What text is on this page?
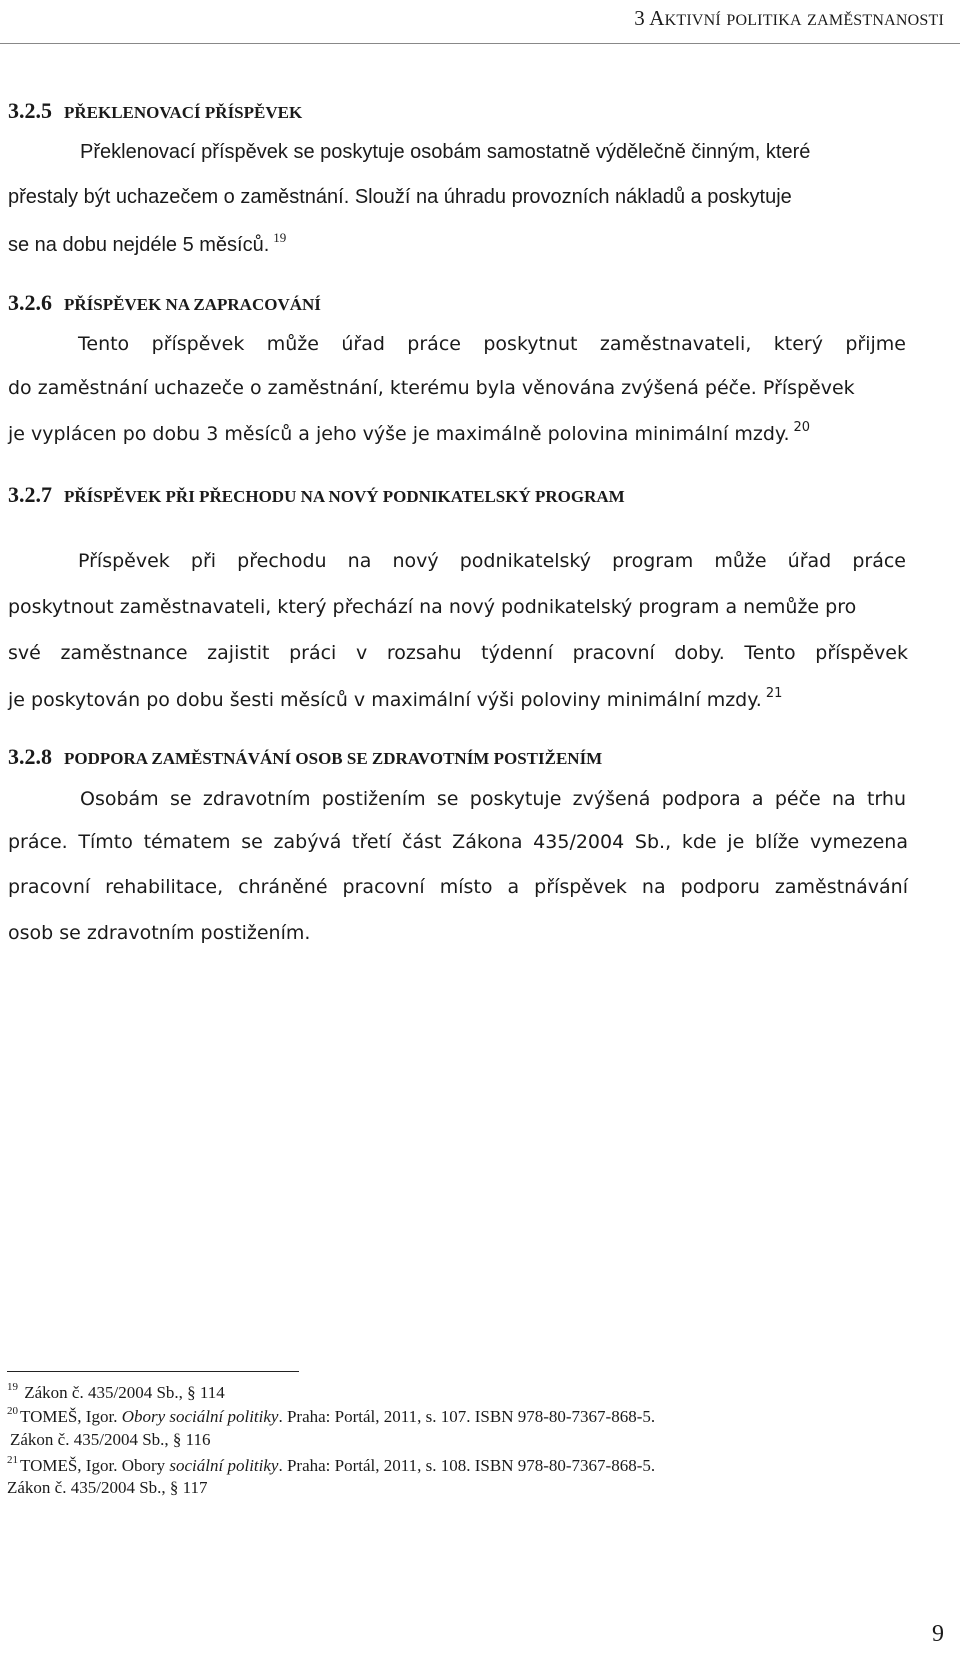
3 AKTIVNÍ POLITIKA ZAMĚSTNANOSTI
3.2.5 PŘEKLENOVACÍ PŘÍSPĚVEK
Překlenovací příspěvek se poskytuje osobám samostatně výdělečně činným, které
přestaly být uchazečem o zaměstnání. Slouží na úhradu provozních nákladů a poskytuje
se na dobu nejdéle 5 měsíců. $^{19}$
3.2.6 PŘÍSPĚVEK NA ZAPRACOVÁNÍ
Tento příspěvek může úřad práce poskytnut zaměstnavateli, který přijme
do zaměstnání uchazeče o zaměstnání, kterému byla věnována zvýšená péče. Příspěvek
je vyplácen po dobu 3 měsíců a jeho výše je maximálně polovina minimální mzdy. $^{20}$
3.2.7 PŘÍSPĚVEK PŘI PŘECHODU NA NOVÝ PODNIKATELSKÝ PROGRAM
Příspěvek při přechodu na nový podnikatelský program může úřad práce
poskytnout zaměstnavateli, který přechází na nový podnikatelský program a nemůže pro
své zaměstnance zajistit práci v rozsahu týdenní pracovní doby. Tento příspěvek
je poskytován po dobu šesti měsíců v maximální výši poloviny minimální mzdy. $^{21}$
3.2.8 PODPORA ZAMĚSTNÁVÁNÍ OSOB SE ZDRAVOTNÍM POSTIŽENÍM
Osobám se zdravotním postižením se poskytuje zvýšená podpora a péče na trhu
práce. Tímto tématem se zabývá třetí část Zákona 435/2004 Sb., kde je blíže vymezena
pracovní rehabilitace, chráněné pracovní místo a příspěvek na podporu zaměstnávání
osob se zdravotním postižením.
$^{19}$ Zákon č. 435/2004 Sb., § 114
$^{20}$ TOMEŠ, Igor. Obory sociální politiky. Praha: Portál, 2011, s. 107. ISBN 978-80-7367-868-5.
Zákon č. 435/2004 Sb., § 116
$^{21}$ TOMEŠ, Igor. Obory sociální politiky. Praha: Portál, 2011, s. 108. ISBN 978-80-7367-868-5.
Zákon č. 435/2004 Sb., § 117
9
